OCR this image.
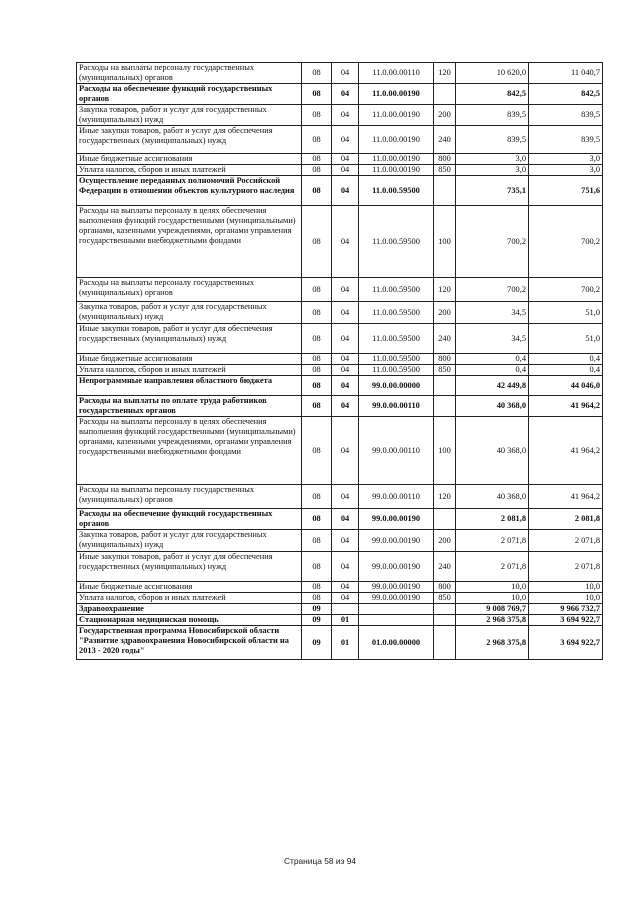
Расходы на выплаты персоналу государственных (муниципальных) органов	08	04	11.0.00.00110	120	10 620,0	11 040,7
Расходы на обеспечение функций государственных органов	08	04	11.0.00.00190		842,5	842,5
Закупка товаров, работ и услуг для государственных (муниципальных) нужд	08	04	11.0.00.00190	200	839,5	839,5
Иные закупки товаров, работ и услуг для обеспечения государственных (муниципальных) нужд	08	04	11.0.00.00190	240	839,5	839,5
Иные бюджетные ассигнования	08	04	11.0.00.00190	800	3,0	3,0
Уплата налогов, сборов и иных платежей	08	04	11.0.00.00190	850	3,0	3,0
Осуществление переданных полномочий Российской Федерации в отношении объектов культурного наследия	08	04	11.0.00.59500		735,1	751,6
Расходы на выплаты персоналу в целях обеспечения выполнения функций государственными (муниципальными) органами, казенными учреждениями, органами управления государственными внебюджетными фондами	08	04	11.0.00.59500	100	700,2	700,2
Расходы на выплаты персоналу государственных (муниципальных) органов	08	04	11.0.00.59500	120	700,2	700,2
Закупка товаров, работ и услуг для государственных (муниципальных) нужд	08	04	11.0.00.59500	200	34,5	51,0
Иные закупки товаров, работ и услуг для обеспечения государственных (муниципальных) нужд	08	04	11.0.00.59500	240	34,5	51,0
Иные бюджетные ассигнования	08	04	11.0.00.59500	800	0,4	0,4
Уплата налогов, сборов и иных платежей	08	04	11.0.00.59500	850	0,4	0,4
Непрограммные направления областного бюджета	08	04	99.0.00.00000		42 449,8	44 046,0
Расходы на выплаты по оплате труда работников государственных органов	08	04	99.0.00.00110		40 368,0	41 964,2
Расходы на выплаты персоналу в целях обеспечения выполнения функций государственными (муниципальными) органами, казенными учреждениями, органами управления государственными внебюджетными фондами	08	04	99.0.00.00110	100	40 368,0	41 964,2
Расходы на выплаты персоналу государственных (муниципальных) органов	08	04	99.0.00.00110	120	40 368,0	41 964,2
Расходы на обеспечение функций государственных органов	08	04	99.0.00.00190		2 081,8	2 081,8
Закупка товаров, работ и услуг для государственных (муниципальных) нужд	08	04	99.0.00.00190	200	2 071,8	2 071,8
Иные закупки товаров, работ и услуг для обеспечения государственных (муниципальных) нужд	08	04	99.0.00.00190	240	2 071,8	2 071,8
Иные бюджетные ассигнования	08	04	99.0.00.00190	800	10,0	10,0
Уплата налогов, сборов и иных платежей	08	04	99.0.00.00190	850	10,0	10,0
Здравоохранение	09				9 008 769,7	9 966 732,7
Стационарная медицинская помощь	09	01			2 968 375,8	3 694 922,7
Государственная программа Новосибирской области "Развитие здравоохранения Новосибирской области на 2013 - 2020 годы"	09	01	01.0.00.00000		2 968 375,8	3 694 922,7
Страница 58 из 94
